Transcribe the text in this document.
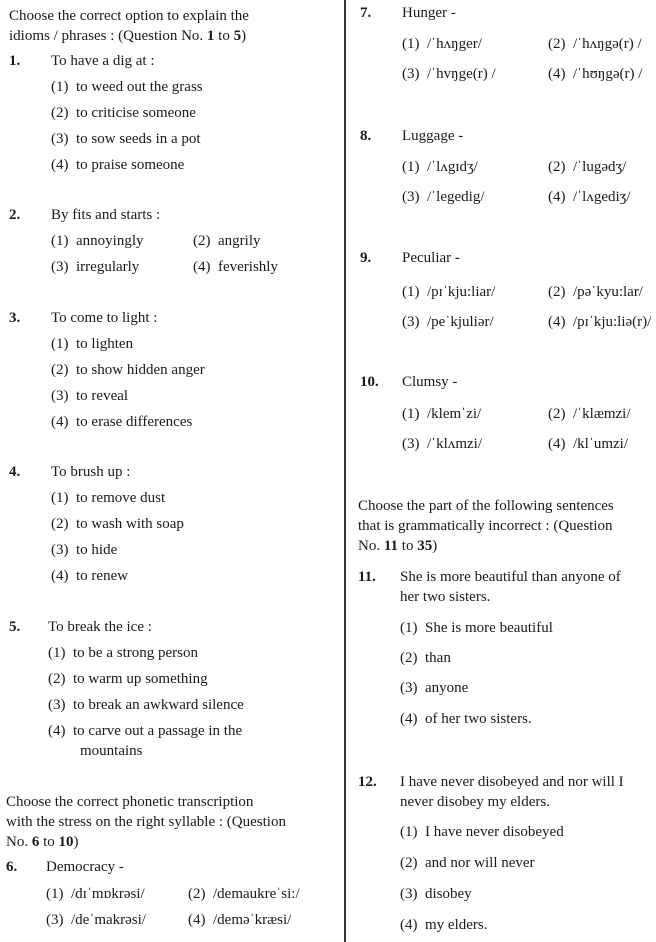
Choose the correct option to explain the
idioms / phrases : (Question No. 1 to 5)
1. To have a dig at :
(1) to weed out the grass
(2) to criticise someone
(3) to sow seeds in a pot
(4) to praise someone
2. By fits and starts :
(1) annoyingly	(2) angrily
(3) irregularly	(4) feverishly
3. To come to light :
(1) to lighten
(2) to show hidden anger
(3) to reveal
(4) to erase differences
4. To brush up :
(1) to remove dust
(2) to wash with soap
(3) to hide
(4) to renew
5. To break the ice :
(1) to be a strong person
(2) to warm up something
(3) to break an awkward silence
(4) to carve out a passage in the
mountains
Choose the correct phonetic transcription
with the stress on the right syllable : (Question
No. 6 to 10)
6. Democracy -
(1) /dɪˈmɒkrəsi/	(2) /demaukreˈsi:/
(3) /deˈmakrəsi/	(4) /deməˈkræsi/
7. Hunger -
(1) /ˈhʌŋger/	(2) /ˈhʌŋgə(r) /
(3) /ˈhvŋge(r) /	(4) /ˈhʊŋgə(r) /
8. Luggage -
(1) /ˈlʌgɪdʒ/	(2) /ˈlugədʒ/
(3) /ˈlegedig/	(4) /ˈlʌgediʒ/
9. Peculiar -
(1) /pɪˈkju:liar/	(2) /pəˈkyu:lar/
(3) /peˈkjuliər/	(4) /pɪˈkju:liə(r)/
10. Clumsy -
(1) /klemˈzi/	(2) /ˈklæmzi/
(3) /ˈklʌmzi/	(4) /klˈumzi/
Choose the part of the following sentences
that is grammatically incorrect : (Question
No. 11 to 35)
11. She is more beautiful than anyone of
her two sisters.
(1) She is more beautiful
(2) than
(3) anyone
(4) of her two sisters.
12. I have never disobeyed and nor will I
never disobey my elders.
(1) I have never disobeyed
(2) and nor will never
(3) disobey
(4) my elders.
